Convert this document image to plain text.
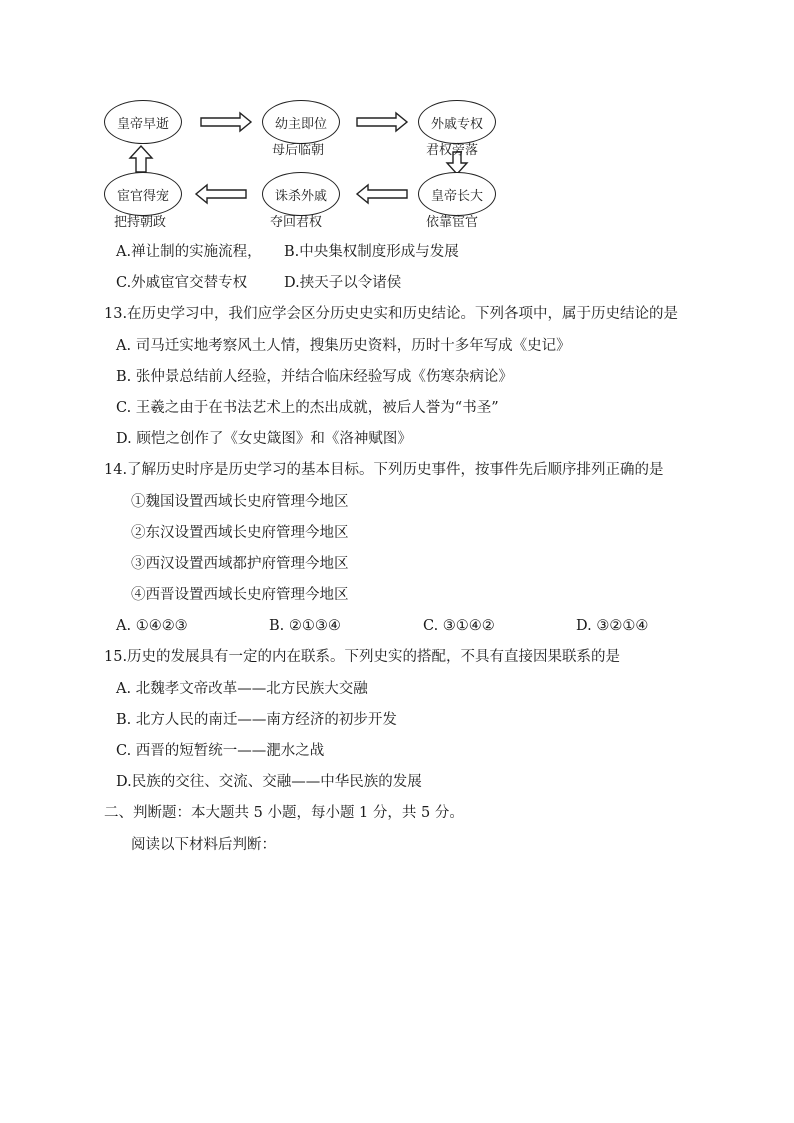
皇帝早逝	幼主即位	外戚专权
皇帝长大
诛杀外戚
宦官得宠
母后临朝	君权旁落
依靠宦官
夺回君权
把持朝政
A.禅让制的实施流程， B.中央集权制度形成与发展
C.外戚宦官交替专权	D.挟天子以令诸侯
13.在历史学习中，我们应学会区分历史史实和历史结论。下列各项中，属于历史结论的是
A. 司马迁实地考察风土人情，搜集历史资料，历时十多年写成《史记》
B. 张仲景总结前人经验，并结合临床经验写成《伤寒杂病论》
C. 王羲之由于在书法艺术上的杰出成就，被后人誉为“书圣”
D. 顾恺之创作了《女史箴图》和《洛神赋图》
14.了解历史时序是历史学习的基本目标。下列历史事件，按事件先后顺序排列正确的是
①魏国设置西域长史府管理今地区
②东汉设置西域长史府管理今地区
③西汉设置西域都护府管理今地区
④西晋设置西域长史府管理今地区
A. ①④②③	B. ②①③④	C. ③①④②	D. ③②①④
15.历史的发展具有一定的内在联系。下列史实的搭配，不具有直接因果联系的是
A. 北魏孝文帝改革——北方民族大交融
B. 北方人民的南迁——南方经济的初步开发
C. 西晋的短暂统一——淝水之战
D.民族的交往、交流、交融——中华民族的发展
二、判断题：本大题共 5 小题，每小题 1 分，共 5 分。
阅读以下材料后判断：
